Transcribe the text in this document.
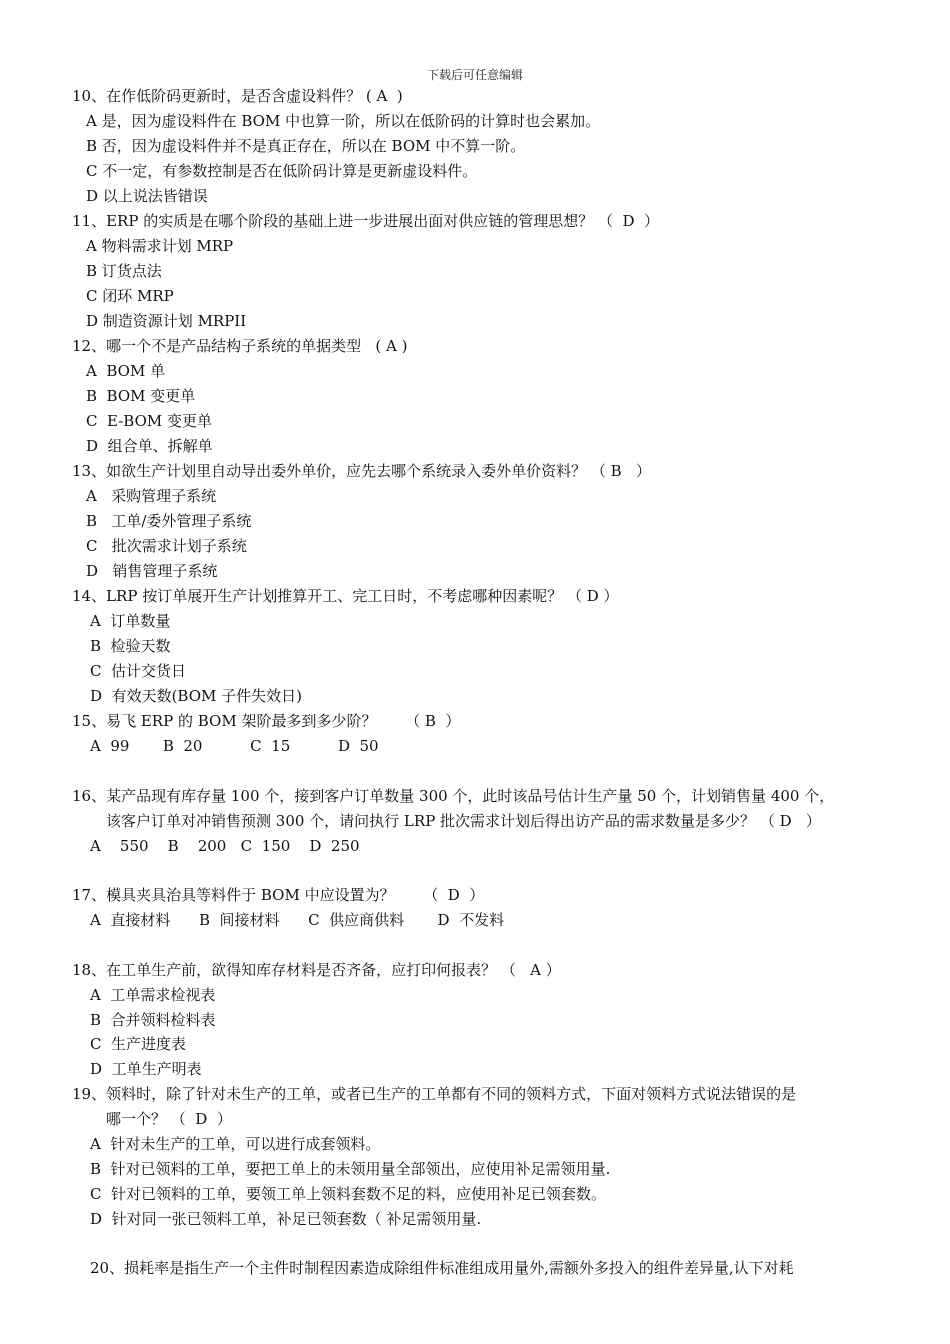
下载后可任意编辑
10、在作低阶码更新时，是否含虚设料件？ ( A  )
A 是，因为虚设料件在 BOM 中也算一阶，所以在低阶码的计算时也会累加。
B 否，因为虚设料件并不是真正存在，所以在 BOM 中不算一阶。
C 不一定，有参数控制是否在低阶码计算是更新虚设料件。
D 以上说法皆错误
11、ERP 的实质是在哪个阶段的基础上进一步进展出面对供应链的管理思想？ （  D  ）
A 物料需求计划 MRP
B 订货点法
C 闭环 MRP
D 制造资源计划 MRPII
12、哪一个不是产品结构子系统的单据类型   ( A )
A  BOM 单
B  BOM 变更单
C  E-BOM 变更单
D  组合单、拆解单
13、如欲生产计划里自动导出委外单价，应先去哪个系统录入委外单价资料？ （ B   ）
A   采购管理子系统
B   工单/委外管理子系统
C   批次需求计划子系统
D   销售管理子系统
14、LRP 按订单展开生产计划推算开工、完工日时，不考虑哪种因素呢？ （ D ）
A  订单数量
B  检验天数
C  估计交货日
D  有效天数(BOM 子件失效日)
15、易飞 ERP 的 BOM 架阶最多到多少阶？      （ B  ）
A  99       B  20          C  15          D  50
16、某产品现有库存量 100 个，接到客户订单数量 300 个，此时该品号估计生产量 50 个，计划销售量 400 个，
该客户订单对冲销售预测 300 个，请问执行 LRP 批次需求计划后得出访产品的需求数量是多少？ （ D   ）
A    550    B    200   C  150    D  250
17、模具夹具治具等料件于 BOM 中应设置为？      （  D  ）
A  直接材料      B  间接材料      C  供应商供料       D  不发料
18、在工单生产前，欲得知库存材料是否齐备，应打印何报表？ （   A ）
A  工单需求检视表
B  合并领料检料表
C  生产进度表
D  工单生产明表
19、领料时，除了针对未生产的工单，或者已生产的工单都有不同的领料方式，下面对领料方式说法错误的是
哪一个？ （  D  ）
A  针对未生产的工单，可以进行成套领料。
B  针对已领料的工单，要把工单上的未领用量全部领出，应使用补足需领用量.
C  针对已领料的工单，要领工单上领料套数不足的料，应使用补足已领套数。
D  针对同一张已领料工单，补足已领套数（ 补足需领用量.
20、损耗率是指生产一个主件时制程因素造成除组件标准组成用量外,需额外多投入的组件差异量,认下对耗
